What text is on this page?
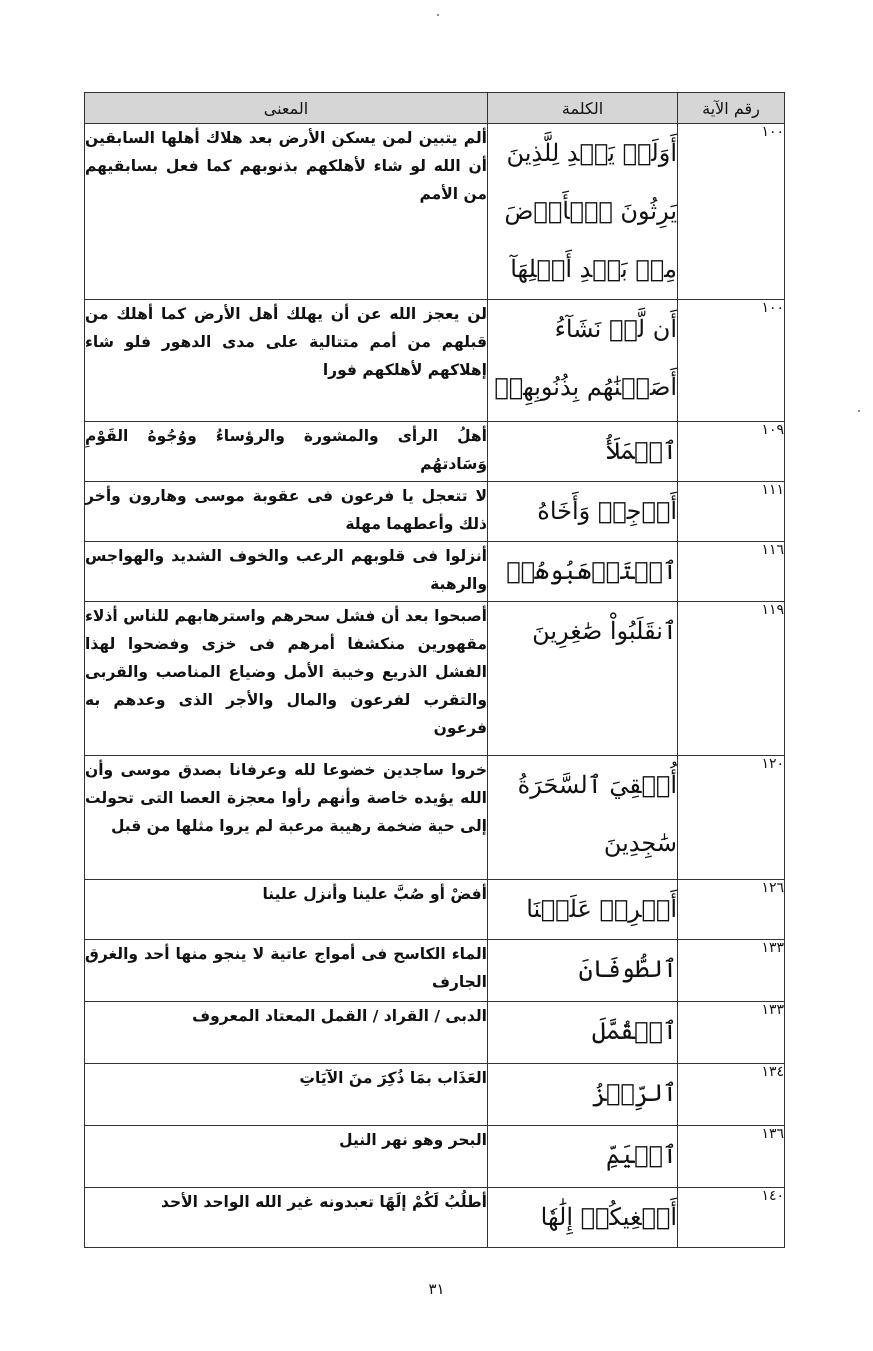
رقم الآية	الكلمة	المعنى
١٠٠	أَوَلَمۡ يَهۡدِ لِلَّذِينَ يَرِثُونَ ٱلۡأَرۡضَ مِنۢ بَعۡدِ أَهۡلِهَآ	ألم يتبين لمن يسكن الأرض بعد هلاك أهلها السابقين أن الله لو شاء لأهلكهم بذنوبهم كما فعل بسابقيهم من الأمم
١٠٠	أَن لَّوۡ نَشَآءُ أَصَبۡنَٰهُم بِذُنُوبِهِمۡ	لن يعجز الله عن أن يهلك أهل الأرض كما أهلك من قبلهم من أمم متتالية على مدى الدهور فلو شاء إهلاكهم لأهلكهم فورا
١٠٩	ٱلۡمَلَأُ	أهلُ الرأى والمشورة والرؤساءُ ووُجُوهُ القَوْمِ وَسَادتهُم
١١١	أَرۡجِهۡ وَأَخَاهُ	لا تتعجل يا فرعون فى عقوبة موسى وهارون وأخر ذلك وأعطهما مهلة
١١٦	ٱسۡتَرۡهَبُوهُمۡ	أنزلوا فى قلوبهم الرعب والخوف الشديد والهواجس والرهبة
١١٩	ٱنقَلَبُواْ صَٰغِرِينَ	أصبحوا بعد أن فشل سحرهم واسترهابهم للناس أذلاء مقهورين منكشفا أمرهم فى خزى وفضحوا لهذا الفشل الذريع وخيبة الأمل وضياع المناصب والقربى والتقرب لفرعون والمال والأجر الذى وعدهم به فرعون
١٢٠	أُلۡقِيَ ٱلسَّحَرَةُ سَٰجِدِينَ	خروا ساجدين خضوعا لله وعرفانا بصدق موسى وأن الله يؤيده خاصة وأنهم رأوا معجزة العصا التى تحولت إلى حية ضخمة رهيبة مرعبة لم يروا مثلها من قبل
١٢٦	أَفۡرِغۡ عَلَيۡنَا	أفضْ أو صُبَّ علينا وأنزل علينا
١٣٣	ٱلطُّوفَانَ	الماء الكاسح فى أمواج عاتية لا ينجو منها أحد والغرق الجارف
١٣٣	ٱلۡقُمَّلَ	الدبى / القراد / القمل المعتاد المعروف
١٣٤	ٱلرِّجۡزُ	العَذَاب بمَا ذُكِرَ منَ الآيَاتِ
١٣٦	ٱلۡيَمِّ	البحر وهو نهر النيل
١٤٠	أَبۡغِيكُمۡ إِلَٰهٗا	أطلُبُ لَكُمْ إلَهًا تعبدونه غير الله الواحد الأحد
٣١
